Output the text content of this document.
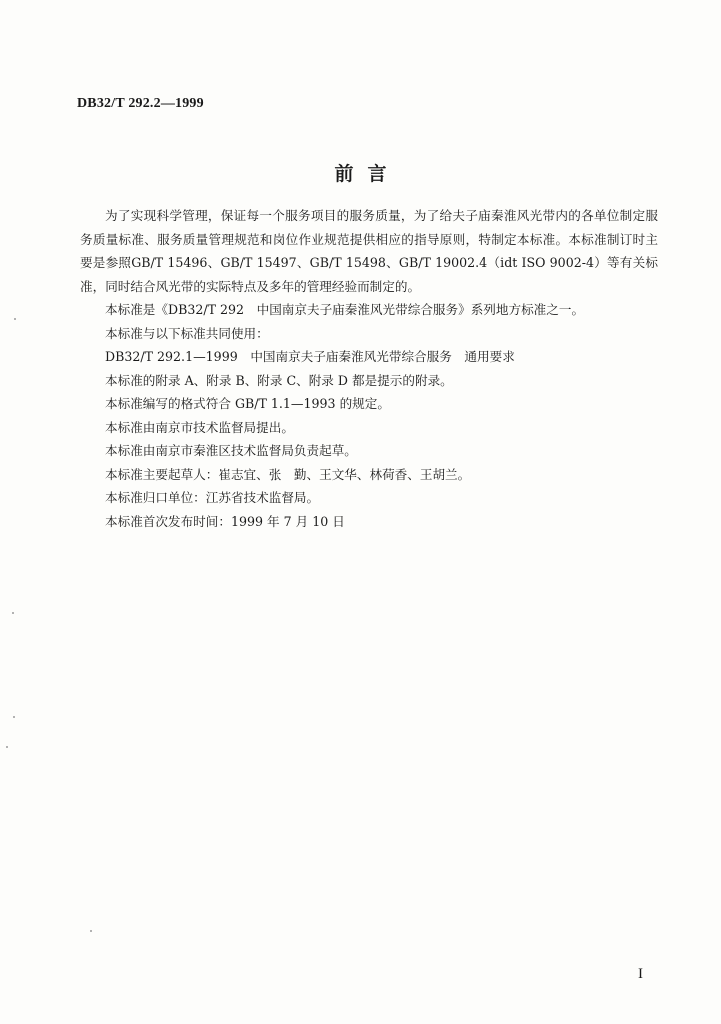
DB32/T 292.2—1999
前言

为了实现科学管理，保证每一个服务项目的服务质量，为了给夫子庙秦淮风光带内的各单位制定服务质量标准、服务质量管理规范和岗位作业规范提供相应的指导原则，特制定本标准。本标准制订时主要是参照GB/T 15496、GB/T 15497、GB/T 15498、GB/T 19002.4（idt ISO 9002-4）等有关标准，同时结合风光带的实际特点及多年的管理经验而制定的。

本标准是《DB32/T 292　中国南京夫子庙秦淮风光带综合服务》系列地方标准之一。

本标准与以下标准共同使用：

DB32/T 292.1—1999　中国南京夫子庙秦淮风光带综合服务　通用要求

本标准的附录 A、附录 B、附录 C、附录 D 都是提示的附录。

本标准编写的格式符合 GB/T 1.1—1993 的规定。

本标准由南京市技术监督局提出。

本标准由南京市秦淮区技术监督局负责起草。

本标准主要起草人：崔志宜、张　勤、王文华、林荷香、王胡兰。

本标准归口单位：江苏省技术监督局。

本标准首次发布时间：1999 年 7 月 10 日

I
